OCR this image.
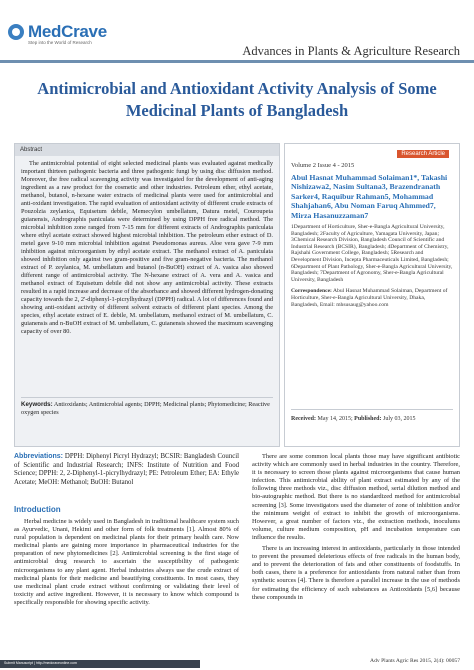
MedCrave
Step into the World of Research
Advances in Plants & Agriculture Research
Antimicrobial and Antioxidant Activity Analysis of Some Medicinal Plants of Bangladesh
Abstract
The antimicrobial potential of eight selected medicinal plants was evaluated against medically important thirteen pathogenic bacteria and three pathogenic fungi by using disc diffusion method. Moreover, the free radical scavenging activity was investigated for the development of anti-aging ingredient as a raw product for the cosmetic and other industries. Petroleum ether, ethyl acetate, methanol, butanol, n-hexane water extracts of medicinal plants were used for antimicrobial and anti-oxidant investigation. The rapid evaluation of antioxidant activity of different crude extracts of Pouzolzia zeylanica, Equisetum debile, Memecylon umbellatum, Datura metel, Couroupeta guianensis, Andrographis paniculata were determined by using DPPH free radical method. The microbial inhibition zone ranged from 7-15 mm for different extracts of Andrographis paniculata where ethyl acetate extract showed highest microbial inhibition. The petroleum ether extract of D. metel gave 9-10 mm microbial inhibition against Pseudomonas aureus. Aloe vera gave 7-9 mm inhibition against microorganism by ethyl acetate extract. The methanol extract of A. paniculata showed inhibition only against two gram-positive and five gram-negative bacteria. The methanol extract of P. zeylanica, M. umbellatum and butanol (n-BuOH) extract of A. vasica also showed different range of antimicrobial activity. The N-hexane extract of A. vera and A. vasica and methanol extract of Equisetum debile did not show any antimicrobial activity. These extracts resulted in a rapid increase and decrease of the absorbance and showed different hydrogen-donating capacity towards the 2, 2'-diphenyl-1-picrylhydrazyl (DPPH) radical. A lot of differences found and showing anti-oxidant activity of different solvent extracts of different plant species. Among the species, ethyl acetate extract of E. debile, M. umbellatum, methanol extract of M. umbellatum, C. guianensis and n-BuOH extract of M. umbellatum, C. guianensis showed the maximum scavenging capacity of over 80.
Keywords: Antioxidants; Antimicrobial agents; DPPH; Medicinal plants; Phytomedicine; Reactive oxygen species
Research Article
Volume 2 Issue 4 - 2015
Abul Hasnat Muhammad Solaiman1*, Takashi Nishizawa2, Nasim Sultana3, Brazendranath Sarker4, Raquibur Rahman5, Mohammad Shahjahan6, Abu Noman Faruq Ahmmed7, Mirza Hasanuzzaman7
1Department of Horticulture, Sher-e-Bangla Agricultural University, Bangladesh; 2Faculty of Agriculture, Yamagata University, Japan; 3Chemical Research Division, Bangladesh Council of Scientific and Industrial Research (BCSIR), Bangladesh; 4Department of Chemistry, Rajshahi Government College, Bangladesh; 5Research and Development Division, Incepta Pharmaceuticals Limited, Bangladesh; 6Department of Plant Pathology, Sher-e-Bangla Agricultural University, Bangladesh; 7Department of Agronomy, Sher-e-Bangla Agricultural University, Bangladesh
Correspondence: Abul Hasnat Muhammad Solaiman, Department of Horticulture, Sher-e-Bangla Agricultural University, Dhaka, Bangladesh, Email: mhsusaug@yahoo.com
Received: May 14, 2015; Published: July 03, 2015
Abbreviations: DPPH: Diphenyl Picryl Hydrazyl; BCSIR: Bangladesh Council of Scientific and Industrial Research; INFS: Institute of Nutrition and Food Science; DPPH: 2, 2-Diphenyl-1-picrylhydrazyl; PE: Petroleum Ether; EA: Ethyle Acetate; MeOH: Methanol; BuOH: Butanol
Introduction
Herbal medicine is widely used in Bangladesh in traditional healthcare system such as Ayurvedic, Unani, Hekimi and other form of folk treatments [1]. Almost 80% of rural population is dependent on medicinal plants for their primary health care. Now medicinal plants are gaining more importance in pharmaceutical industries for the preparation of new phytomedicines [2]. Antimicrobial screening is the first stage of antimicrobial drug research to ascertain the susceptibility of pathogenic microorganisms to any plant agent. Herbal industries always use the crude extract of medicinal plants for their medicine and beautifying constituents. In most cases, they use medicinal plant crude extract without confirming or validating their level of toxicity and active ingredient. However, it is necessary to know which compound is specifically responsible for showing specific activity.

There are some common local plants those may have significant antibiotic activity which are commonly used in herbal industries in the country. Therefore, it is necessary to screen those plants against microorganisms that cause human infection. This antimicrobial ability of plant extract estimated by any of the following three methods viz., disc diffusion method, serial dilution method and bio-autographic method. But there is no standardized method for antimicrobial screening [3]. Some investigators used the diameter of zone of inhibition and/or the minimum weight of extract to inhibit the growth of microorganisms. However, a great number of factors viz., the extraction methods, inoculums volume, culture medium composition, pH and incubation temperature can influence the results.

There is an increasing interest in antioxidants, particularly in those intended to prevent the presumed deleterious effects of free radicals in the human body, and to prevent the deterioration of fats and other constituents of foodstuffs. In both cases, there is a preference for antioxidants from natural rather than from synthetic sources [4]. There is therefore a parallel increase in the use of methods for estimating the efficiency of such substances as Antioxidants [5,6] because these compounds in

Submit Manuscript | http://medcraveonline.com	Adv Plants Agric Res 2015, 2(4): 00057
